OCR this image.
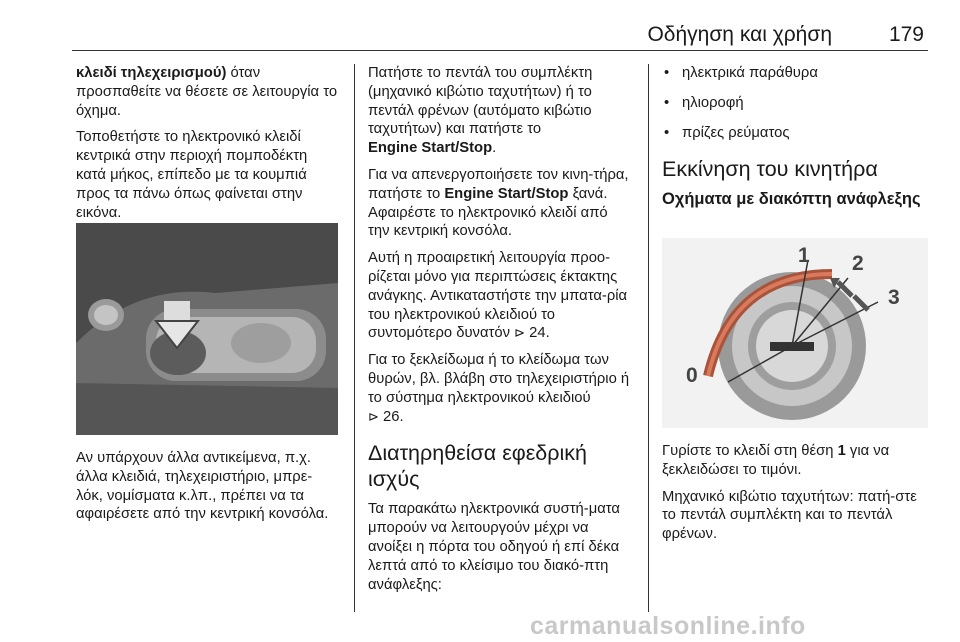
Οδήγηση και χρήση	179

κλειδί τηλεχειρισμού) όταν προσπαθείτε να θέσετε σε λειτουργία το όχημα.

Τοποθετήστε το ηλεκτρονικό κλειδί κεντρικά στην περιοχή πομποδέκτη κατά μήκος, επίπεδο με τα κουμπιά προς τα πάνω όπως φαίνεται στην εικόνα.

Αν υπάρχουν άλλα αντικείμενα, π.χ. άλλα κλειδιά, τηλεχειριστήριο, μπρε-λόκ, νομίσματα κ.λπ., πρέπει να τα αφαιρέσετε από την κεντρική κονσόλα.

Πατήστε το πεντάλ του συμπλέκτη (μηχανικό κιβώτιο ταχυτήτων) ή το πεντάλ φρένων (αυτόματο κιβώτιο ταχυτήτων) και πατήστε το
Engine Start/Stop.

Για να απενεργοποιήσετε τον κινη-τήρα, πατήστε το Engine Start/Stop ξανά. Αφαιρέστε το ηλεκτρονικό κλειδί από την κεντρική κονσόλα.

Αυτή η προαιρετική λειτουργία προο-ρίζεται μόνο για περιπτώσεις έκτακτης ανάγκης. Αντικαταστήστε την μπατα-ρία του ηλεκτρονικού κλειδιού το συντομότερο δυνατόν ⊳ 24.

Για το ξεκλείδωμα ή το κλείδωμα των θυρών, βλ. βλάβη στο τηλεχειριστήριο ή το σύστημα ηλεκτρονικού κλειδιού
⊳ 26.

Διατηρηθείσα εφεδρική ισχύς

Τα παρακάτω ηλεκτρονικά συστή-ματα μπορούν να λειτουργούν μέχρι να ανοίξει η πόρτα του οδηγού ή επί δέκα λεπτά από το κλείσιμο του διακό-πτη ανάφλεξης:

• ηλεκτρικά παράθυρα
• ηλιοροφή
• πρίζες ρεύματος
Εκκίνηση του κινητήρα
Οχήματα με διακόπτη ανάφλεξης
0
1 2
3

Γυρίστε το κλειδί στη θέση 1 για να ξεκλειδώσει το τιμόνι.

Μηχανικό κιβώτιο ταχυτήτων: πατή-στε το πεντάλ συμπλέκτη και το πεντάλ φρένων.

carmanualsonline.info
